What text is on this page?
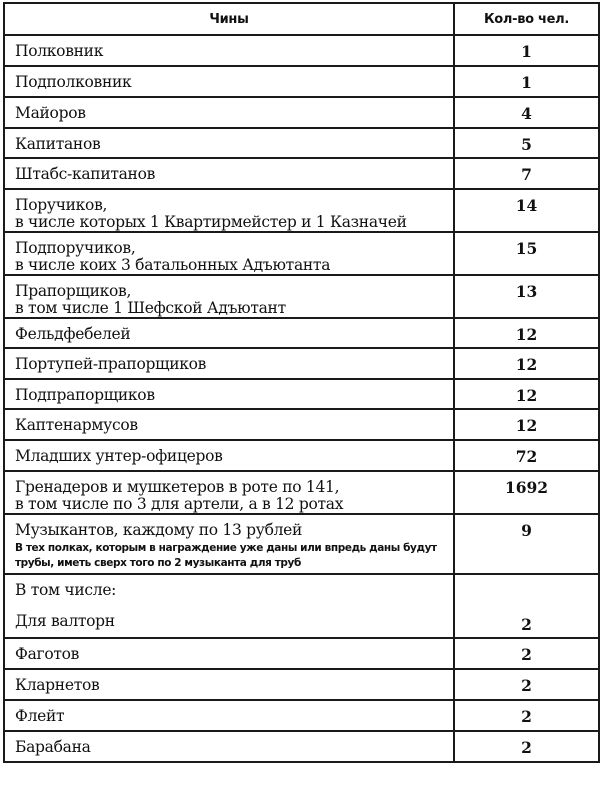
Чины	Кол-во чел.
Полковник	1
Подполковник	1
Майоров	4
Капитанов	5
Штабс-капитанов	7
Поручиков,
в числе которых 1 Квартирмейстер и 1 Казначей	14
Подпоручиков,
в числе коих 3 батальонных Адъютанта	15
Прапорщиков,
в том числе 1 Шефской Адъютант	13
Фельдфебелей	12
Портупей-прапорщиков	12
Подпрапорщиков	12
Каптенармусов	12
Младших унтер-офицеров	72
Гренадеров и мушкетеров в роте по 141,
в том числе по 3 для артели, а в 12 ротах	1692
Музыкантов, каждому по 13 рублей
В тех полках, которым в награждение уже даны или впредь даны будут трубы, иметь сверх того по 2 музыканта для труб	9
В том числе:
Для валторн	2
Фаготов	2
Кларнетов	2
Флейт	2
Барабана	2
